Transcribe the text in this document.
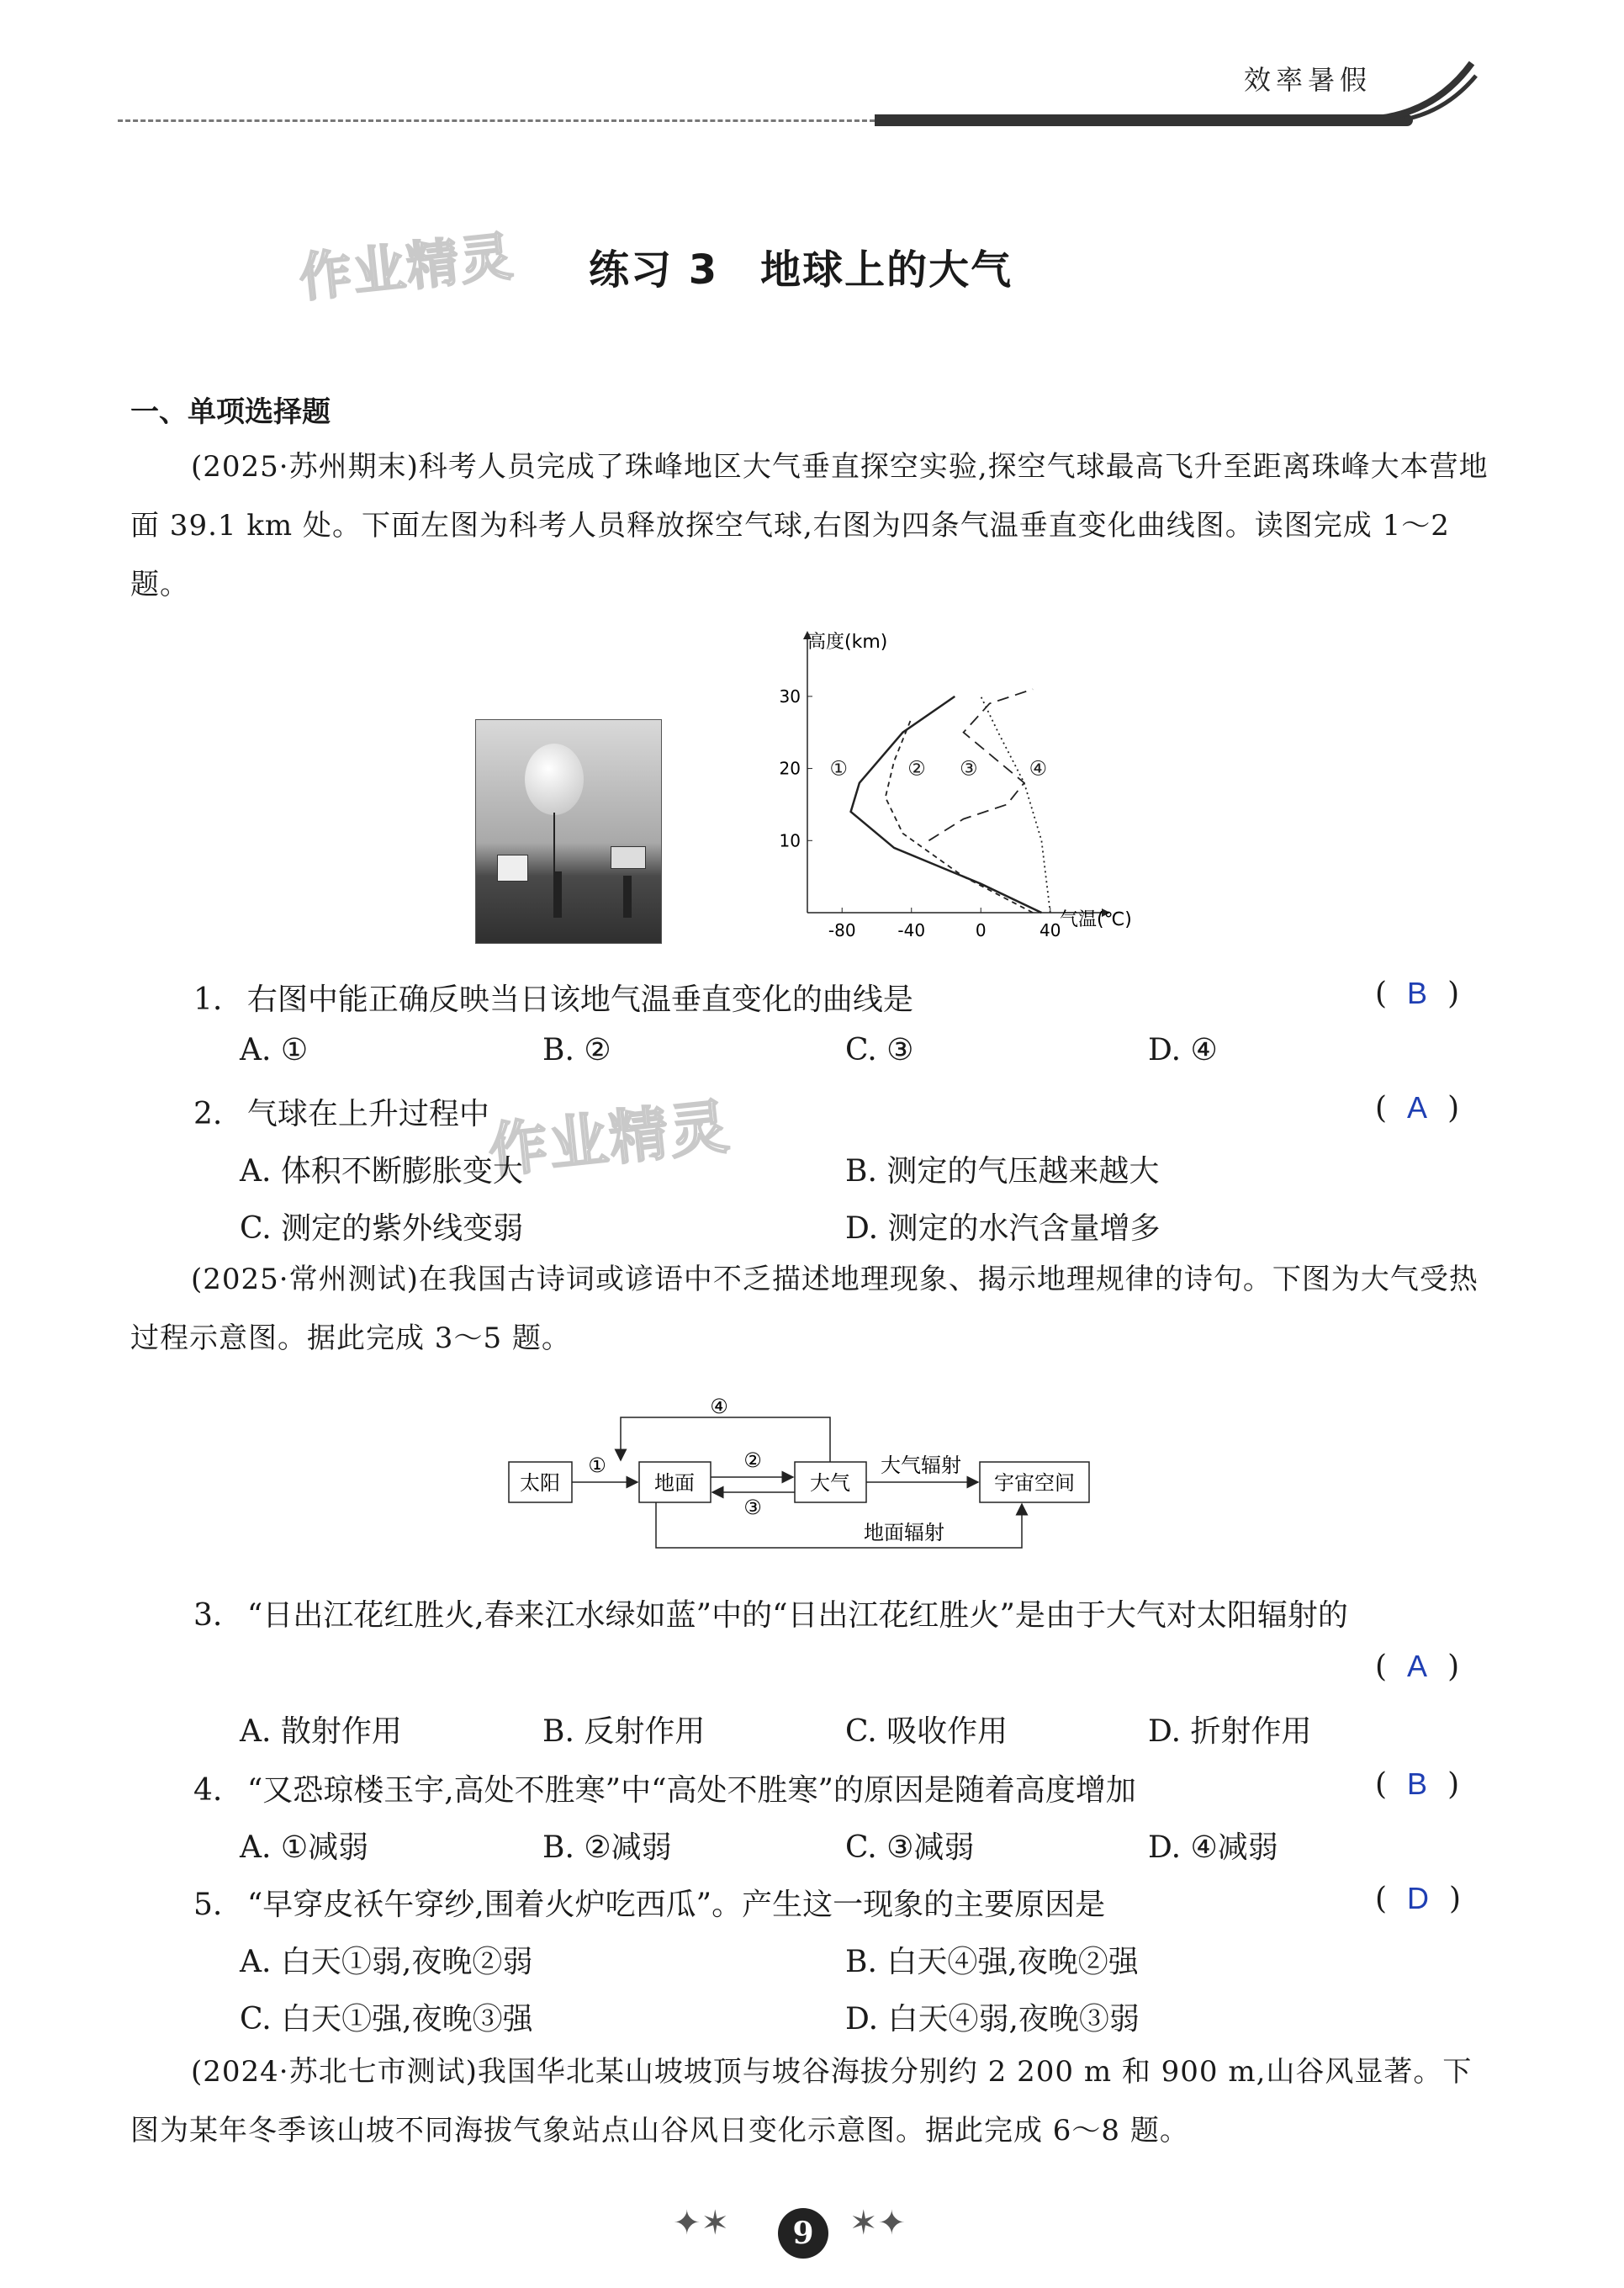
效率暑假
作业精灵 练习 3　地球上的大气
一、单项选择题
(2025·苏州期末)科考人员完成了珠峰地区大气垂直探空实验,探空气球最高飞升至距离珠峰大本营地面 39.1 km 处。下面左图为科考人员释放探空气球,右图为四条气温垂直变化曲线图。读图完成 1～2 题。
-80 -40	0	40
10
20
30
①	② ③	④
高度(km)
气温(℃)
1. 右图中能正确反映当日该地气温垂直变化的曲线是	( B )
A. ①	B. ②	C. ③	D. ④
2. 气球在上升过程中
作业精灵	( A )
A. 体积不断膨胀变大	B. 测定的气压越来越大
C. 测定的紫外线变弱	D. 测定的水汽含量增多
(2025·常州测试)在我国古诗词或谚语中不乏描述地理现象、揭示地理规律的诗句。下图为大气受热过程示意图。据此完成 3～5 题。
太阳	地面	大气	宇宙空间
①	②
③
④
大气辐射
地面辐射
3. “日出江花红胜火,春来江水绿如蓝”中的“日出江花红胜火”是由于大气对太阳辐射的
( A )
A. 散射作用	B. 反射作用	C. 吸收作用	D. 折射作用
4. “又恐琼楼玉宇,高处不胜寒”中“高处不胜寒”的原因是随着高度增加	( B )
A. ①减弱	B. ②减弱	C. ③减弱	D. ④减弱
5. “早穿皮袄午穿纱,围着火炉吃西瓜”。产生这一现象的主要原因是	( D )
A. 白天①弱,夜晚②弱	B. 白天④强,夜晚②强
C. 白天①强,夜晚③强	D. 白天④弱,夜晚③弱
(2024·苏北七市测试)我国华北某山坡坡顶与坡谷海拔分别约 2 200 m 和 900 m,山谷风显著。下图为某年冬季该山坡不同海拔气象站点山谷风日变化示意图。据此完成 6～8 题。
✦✶	9	✶✦
